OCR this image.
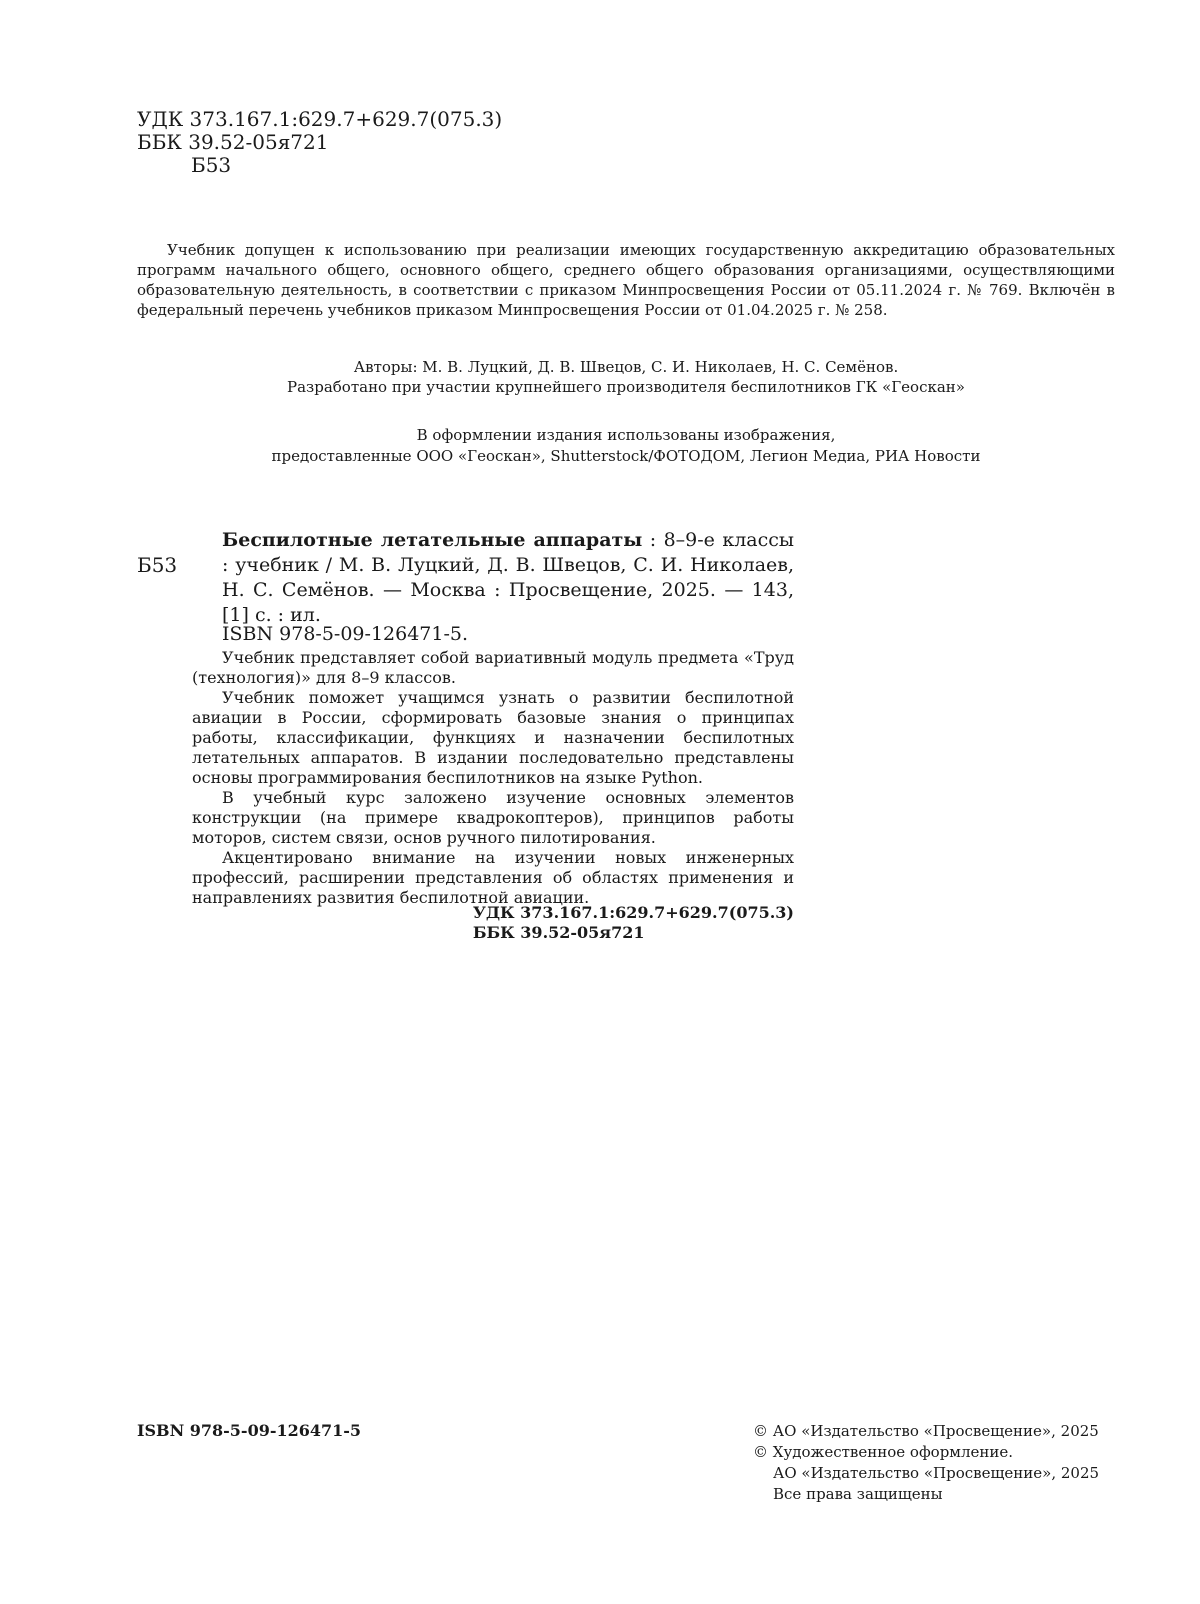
УДК 373.167.1:629.7+629.7(075.3)
ББК 39.52-05я721
Б53
Учебник допущен к использованию при реализации имеющих государственную аккредитацию образовательных программ начального общего, основного общего, среднего общего образования организациями, осуществляющими образовательную деятельность, в соответствии с приказом Минпросвещения России от 05.11.2024 г. № 769. Включён в федеральный перечень учебников приказом Минпросвещения России от 01.04.2025 г. № 258.
Авторы: М. В. Луцкий, Д. В. Швецов, С. И. Николаев, Н. С. Семёнов.
Разработано при участии крупнейшего производителя беспилотников ГК «Геоскан»
В оформлении издания использованы изображения,
предоставленные ООО «Геоскан», Shutterstock/ФОТОДОМ, Легион Медиа, РИА Новости
Б53
Беспилотные летательные аппараты : 8–9-е классы : учебник / М. В. Луцкий, Д. В. Швецов, С. И. Николаев, Н. С. Семёнов. — Москва : Просвещение, 2025. — 143, [1] с. : ил.
ISBN 978-5-09-126471-5.

Учебник представляет собой вариативный модуль предмета «Труд (технология)» для 8–9 классов.

Учебник поможет учащимся узнать о развитии беспилотной авиации в России, сформировать базовые знания о принципах работы, классификации, функциях и назначении беспилотных летательных аппаратов. В издании последовательно представлены основы программирования беспилотников на языке Python.

В учебный курс заложено изучение основных элементов конструкции (на примере квадрокоптеров), принципов работы моторов, систем связи, основ ручного пилотирования.

Акцентировано внимание на изучении новых инженерных профессий, расширении представления об областях применения и направлениях развития беспилотной авиации.

УДК 373.167.1:629.7+629.7(075.3)
ББК 39.52-05я721
ISBN 978-5-09-126471-5	© АО «Издательство «Просвещение», 2025
© Художественное оформление.
АО «Издательство «Просвещение», 2025
Все права защищены
